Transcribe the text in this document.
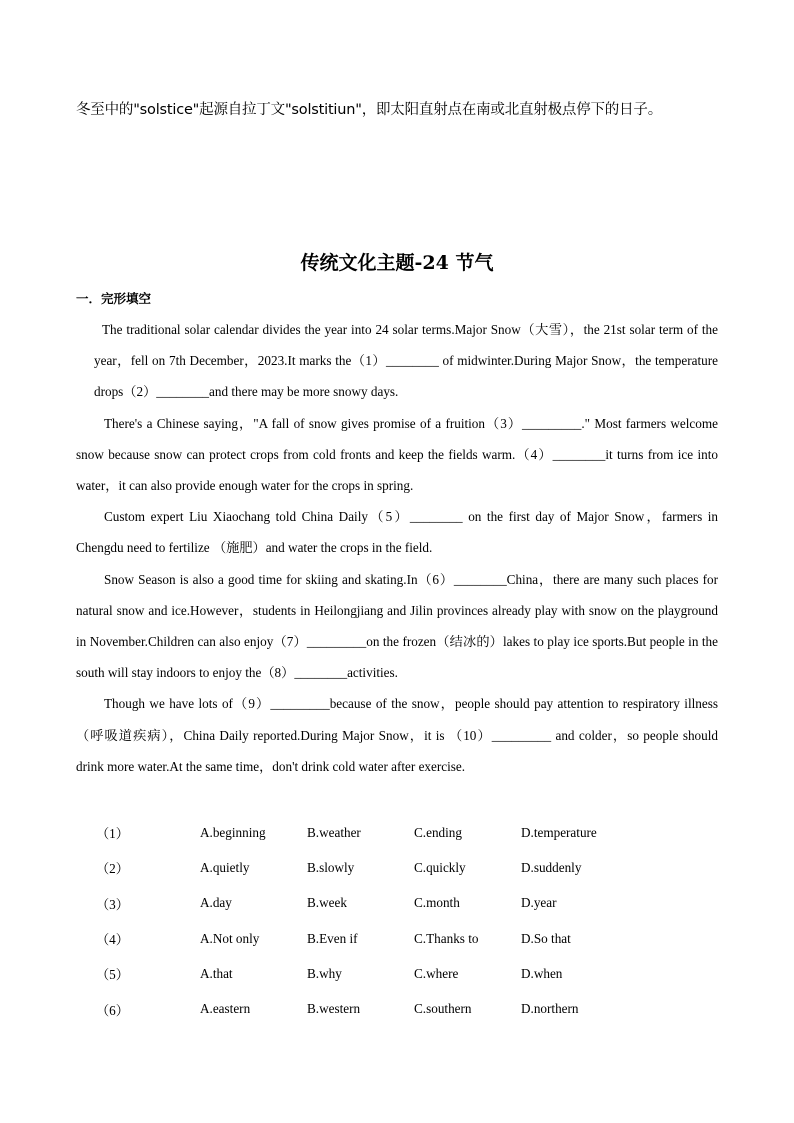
冬至中的"solstice"起源自拉丁文"solstitiun"，即太阳直射点在南或北直射极点停下的日子。
传统文化主题-24 节气
一．完形填空

The traditional solar calendar divides the year into 24 solar terms.Major Snow（大雪），the 21st solar term of the year，fell on 7th December，2023.It marks the（1）________ of midwinter.During Major Snow，the temperature drops（2）________and there may be more snowy days.

There's a Chinese saying，"A fall of snow gives promise of a fruition（3）_________." Most farmers welcome snow because snow can protect crops from cold fronts and keep the fields warm.（4）________it turns from ice into water，it can also provide enough water for the crops in spring.

Custom expert Liu Xiaochang told China Daily（5）________ on the first day of Major Snow，farmers in Chengdu need to fertilize （施肥）and water the crops in the field.

Snow Season is also a good time for skiing and skating.In（6）________China，there are many such places for natural snow and ice.However，students in Heilongjiang and Jilin provinces already play with snow on the playground in November.Children can also enjoy（7）_________on the frozen（结冰的）lakes to play ice sports.But people in the south will stay indoors to enjoy the（8）________activities.

Though we have lots of（9）_________because of the snow，people should pay attention to respiratory illness（呼吸道疾病），China Daily reported.During Major Snow，it is （10）_________ and colder，so people should drink more water.At the same time，don't drink cold water after exercise.

（1）	A.beginning	B.weather	C.ending	D.temperature
（2）	A.quietly	B.slowly	C.quickly	D.suddenly
（3）	A.day	B.week	C.month	D.year
（4）	A.Not only	B.Even if	C.Thanks to	D.So that
（5）	A.that	B.why	C.where	D.when
（6）	A.eastern	B.western	C.southern	D.northern
